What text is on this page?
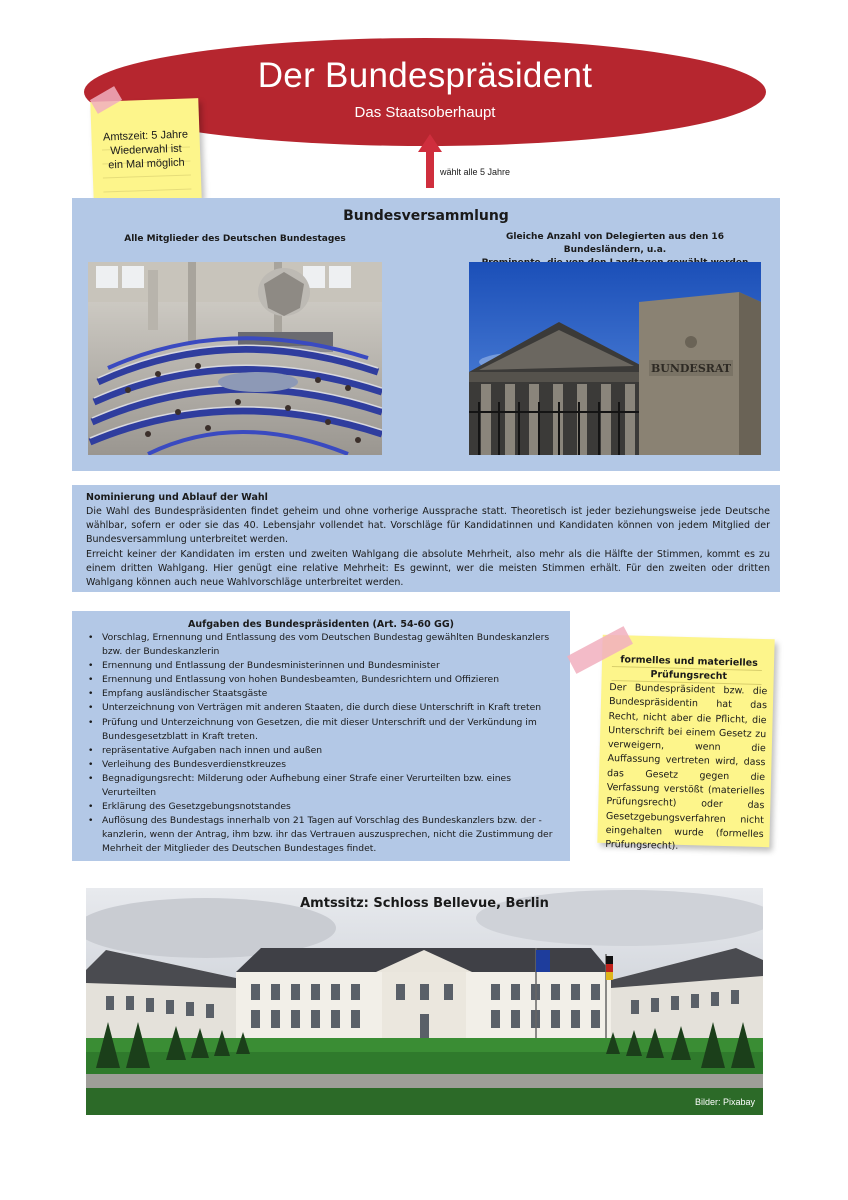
Der Bundespräsident
Das Staatsoberhaupt
Amtszeit: 5 Jahre
Wiederwahl ist
ein Mal möglich
wählt alle 5 Jahre
Bundesversammlung
Alle Mitglieder des Deutschen Bundestages	Gleiche Anzahl von Delegierten aus den 16 Bundesländern, u.a.
BUNDESRAT
Nominierung und Ablauf der Wahl

Die Wahl des Bundespräsidenten findet geheim und ohne vorherige Aussprache statt. Theoretisch ist jeder beziehungsweise jede Deutsche wählbar, sofern er oder sie das 40. Lebensjahr vollendet hat. Vorschläge für Kandidatinnen und Kandidaten können von jedem Mitglied der Bundesversammlung unterbreitet werden.

Erreicht keiner der Kandidaten im ersten und zweiten Wahlgang die absolute Mehrheit, also mehr als die Hälfte der Stimmen, kommt es zu einem dritten Wahlgang. Hier genügt eine relative Mehrheit: Es gewinnt, wer die meisten Stimmen erhält. Für den zweiten oder dritten Wahlgang können auch neue Wahlvorschläge unterbreitet werden.

Aufgaben des Bundespräsidenten (Art. 54-60 GG)
• Vorschlag, Ernennung und Entlassung des vom Deutschen Bundestag gewählten Bundeskanzlers bzw. der Bundeskanzlerin
• Ernennung und Entlassung der Bundesministerinnen und Bundesminister
• Ernennung und Entlassung von hohen Bundesbeamten, Bundesrichtern und Offizieren
• Empfang ausländischer Staatsgäste
• Unterzeichnung von Verträgen mit anderen Staaten, die durch diese Unterschrift in Kraft treten
• Prüfung und Unterzeichnung von Gesetzen, die mit dieser Unterschrift und der Verkündung im Bundesgesetzblatt in Kraft treten.
• repräsentative Aufgaben nach innen und außen
• Verleihung des Bundesverdienstkreuzes
• Begnadigungsrecht: Milderung oder Aufhebung einer Strafe einer Verurteilten bzw. eines Verurteilten
• Erklärung des Gesetzgebungsnotstandes
• Auflösung des Bundestags innerhalb von 21 Tagen auf Vorschlag des Bundeskanzlers bzw. der - kanzlerin, wenn der Antrag, ihm bzw. ihr das Vertrauen auszusprechen, nicht die Zustimmung der Mehrheit der Mitglieder des Deutschen Bundestages findet.
formelles und materielles Prüfungsrecht
Der Bundespräsident bzw. die Bundespräsidentin hat das Recht, nicht aber die Pflicht, die Unterschrift bei einem Gesetz zu verweigern, wenn die Auffassung vertreten wird, dass das Gesetz gegen die Verfassung verstößt (materielles Prüfungsrecht) oder das Gesetzgebungsverfahren nicht eingehalten wurde (formelles Prüfungsrecht).
Amtssitz: Schloss Bellevue, Berlin
Bilder: Pixabay
